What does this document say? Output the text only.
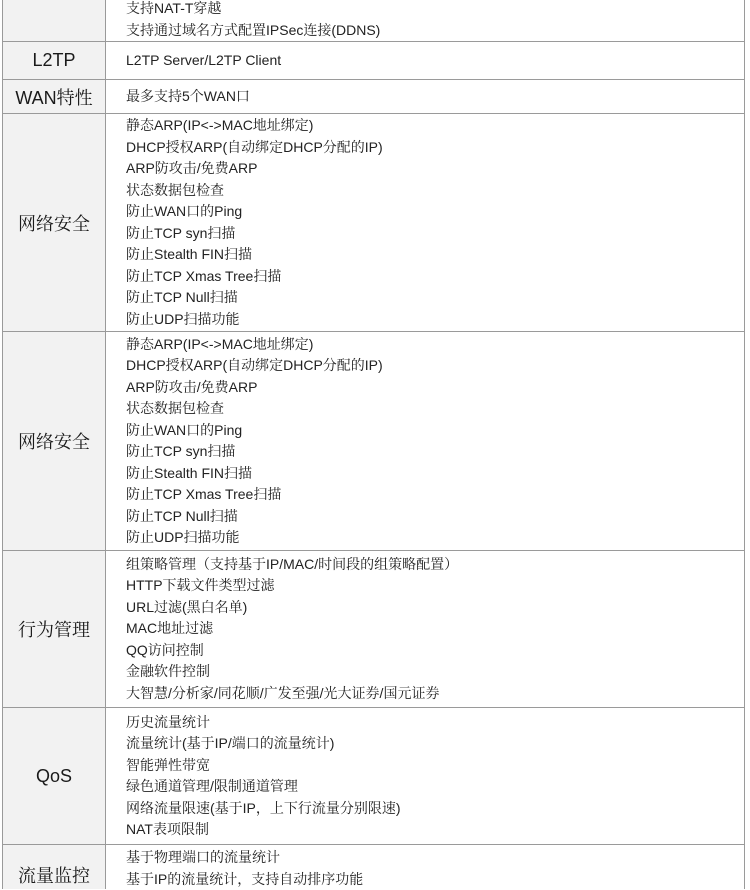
支持NAT-T穿越
支持通过域名方式配置IPSec连接(DDNS)
L2TP	L2TP Server/L2TP Client
WAN特性	最多支持5个WAN口
网络安全
静态ARP(IP<->MAC地址绑定)
DHCP授权ARP(自动绑定DHCP分配的IP)
ARP防攻击/免费ARP
状态数据包检查
防止WAN口的Ping
防止TCP syn扫描
防止Stealth FIN扫描
防止TCP Xmas Tree扫描
防止TCP Null扫描
防止UDP扫描功能
网络安全
静态ARP(IP<->MAC地址绑定)
DHCP授权ARP(自动绑定DHCP分配的IP)
ARP防攻击/免费ARP
状态数据包检查
防止WAN口的Ping
防止TCP syn扫描
防止Stealth FIN扫描
防止TCP Xmas Tree扫描
防止TCP Null扫描
防止UDP扫描功能
行为管理
组策略管理（支持基于IP/MAC/时间段的组策略配置）
HTTP下载文件类型过滤
URL过滤(黑白名单)
MAC地址过滤
QQ访问控制
金融软件控制
大智慧/分析家/同花顺/广发至强/光大证券/国元证券
QoS
历史流量统计
流量统计(基于IP/端口的流量统计)
智能弹性带宽
绿色通道管理/限制通道管理
网络流量限速(基于IP，上下行流量分别限速)
NAT表项限制
流量监控
基于物理端口的流量统计
基于IP的流量统计，支持自动排序功能
